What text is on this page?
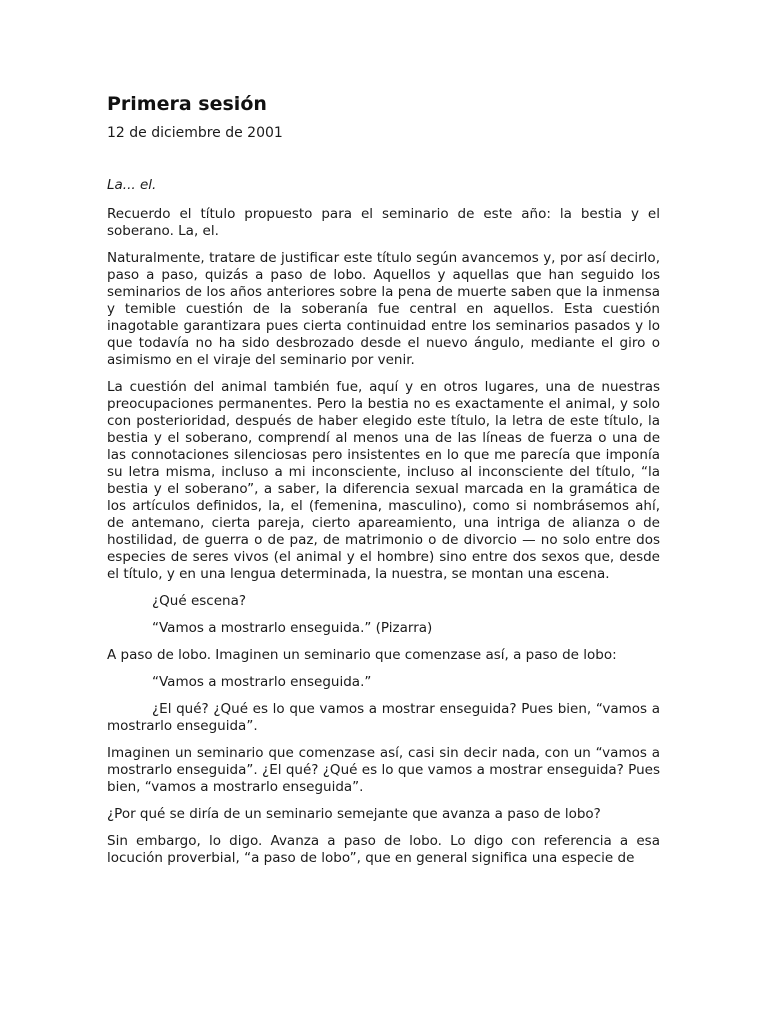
Primera sesión
12 de diciembre de 2001

La... el.

Recuerdo el título propuesto para el seminario de este año: la bestia y el soberano. La, el.

Naturalmente, tratare de justificar este título según avancemos y, por así decirlo, paso a paso, quizás a paso de lobo. Aquellos y aquellas que han seguido los seminarios de los años anteriores sobre la pena de muerte saben que la inmensa y temible cuestión de la soberanía fue central en aquellos. Esta cuestión inagotable garantizara pues cierta continuidad entre los seminarios pasados y lo que todavía no ha sido desbrozado desde el nuevo ángulo, mediante el giro o asimismo en el viraje del seminario por venir.

La cuestión del animal también fue, aquí y en otros lugares, una de nuestras preocupaciones permanentes. Pero la bestia no es exactamente el animal, y solo con posterioridad, después de haber elegido este título, la letra de este título, la bestia y el soberano, comprendí al menos una de las líneas de fuerza o una de las connotaciones silenciosas pero insistentes en lo que me parecía que imponía su letra misma, incluso a mi inconsciente, incluso al inconsciente del título, “la bestia y el soberano”, a saber, la diferencia sexual marcada en la gramática de los artículos definidos, la, el (femenina, masculino), como si nombrásemos ahí, de antemano, cierta pareja, cierto apareamiento, una intriga de alianza o de hostilidad, de guerra o de paz, de matrimonio o de divorcio — no solo entre dos especies de seres vivos (el animal y el hombre) sino entre dos sexos que, desde el título, y en una lengua determinada, la nuestra, se montan una escena.

¿Qué escena?

“Vamos a mostrarlo enseguida.” (Pizarra)

A paso de lobo. Imaginen un seminario que comenzase así, a paso de lobo:

“Vamos a mostrarlo enseguida.”

¿El qué? ¿Qué es lo que vamos a mostrar enseguida? Pues bien, “vamos a mostrarlo enseguida”.

Imaginen un seminario que comenzase así, casi sin decir nada, con un “vamos a mostrarlo enseguida”. ¿El qué? ¿Qué es lo que vamos a mostrar enseguida? Pues bien, “vamos a mostrarlo enseguida”.

¿Por qué se diría de un seminario semejante que avanza a paso de lobo?

Sin embargo, lo digo. Avanza a paso de lobo. Lo digo con referencia a esa locución proverbial, “a paso de lobo”, que en general significa una especie de
